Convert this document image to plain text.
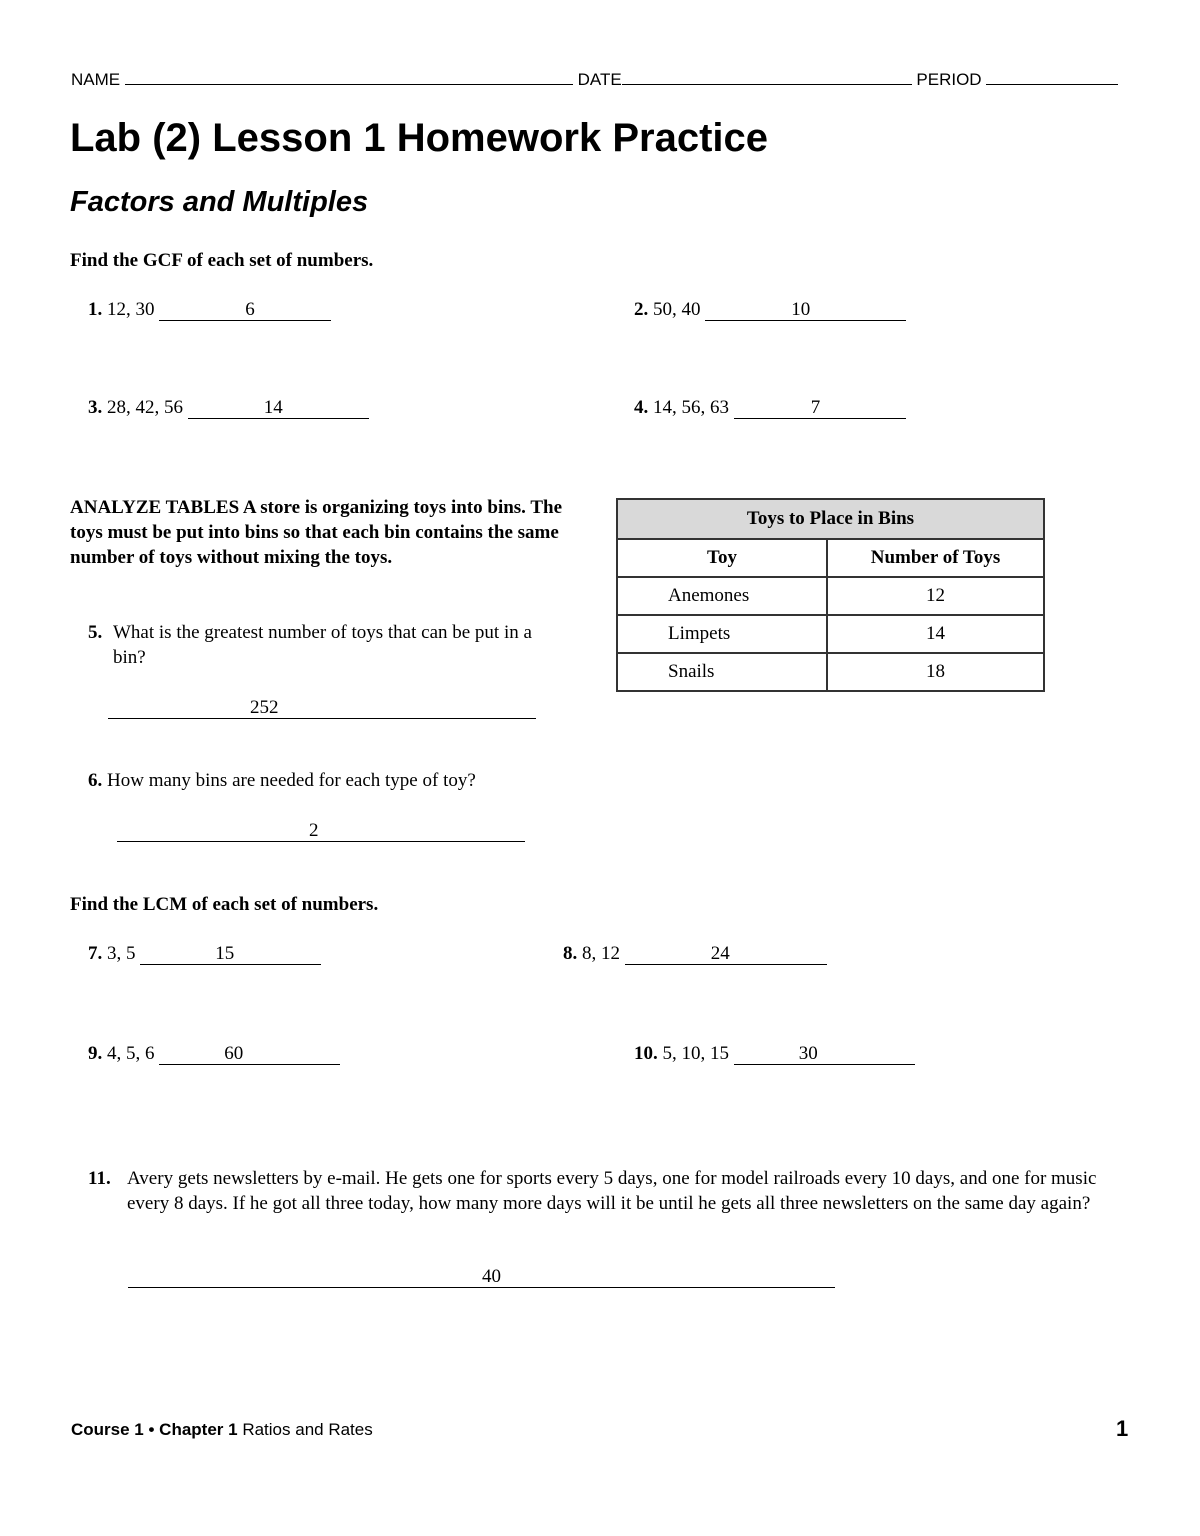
NAME	DATE	PERIOD
Lab (2) Lesson 1 Homework Practice
Factors and Multiples
Find the GCF of each set of numbers.
1. 12, 30	6	2. 50, 40	10
3. 28, 42, 56	14	4. 14, 56, 63	7
ANALYZE TABLES A store is organizing toys into bins. The toys must be put into bins so that each bin contains the same number of toys without mixing the toys.
Toys to Place in Bins	
Toy	Number of Toys
Anemones	12
Limpets	14
Snails	18
5. What is the greatest number of toys that can be put in a bin?
252
6. How many bins are needed for each type of toy?
2
Find the LCM of each set of numbers.
7. 3, 5	15	8. 8, 12	24
9. 4, 5, 6	60	10. 5, 10, 15	30
11. Avery gets newsletters by e-mail. He gets one for sports every 5 days, one for model railroads every 10 days, and one for music every 8 days. If he got all three today, how many more days will it be until he gets all three newsletters on the same day again?
40
Course 1 • Chapter 1 Ratios and Rates	1
